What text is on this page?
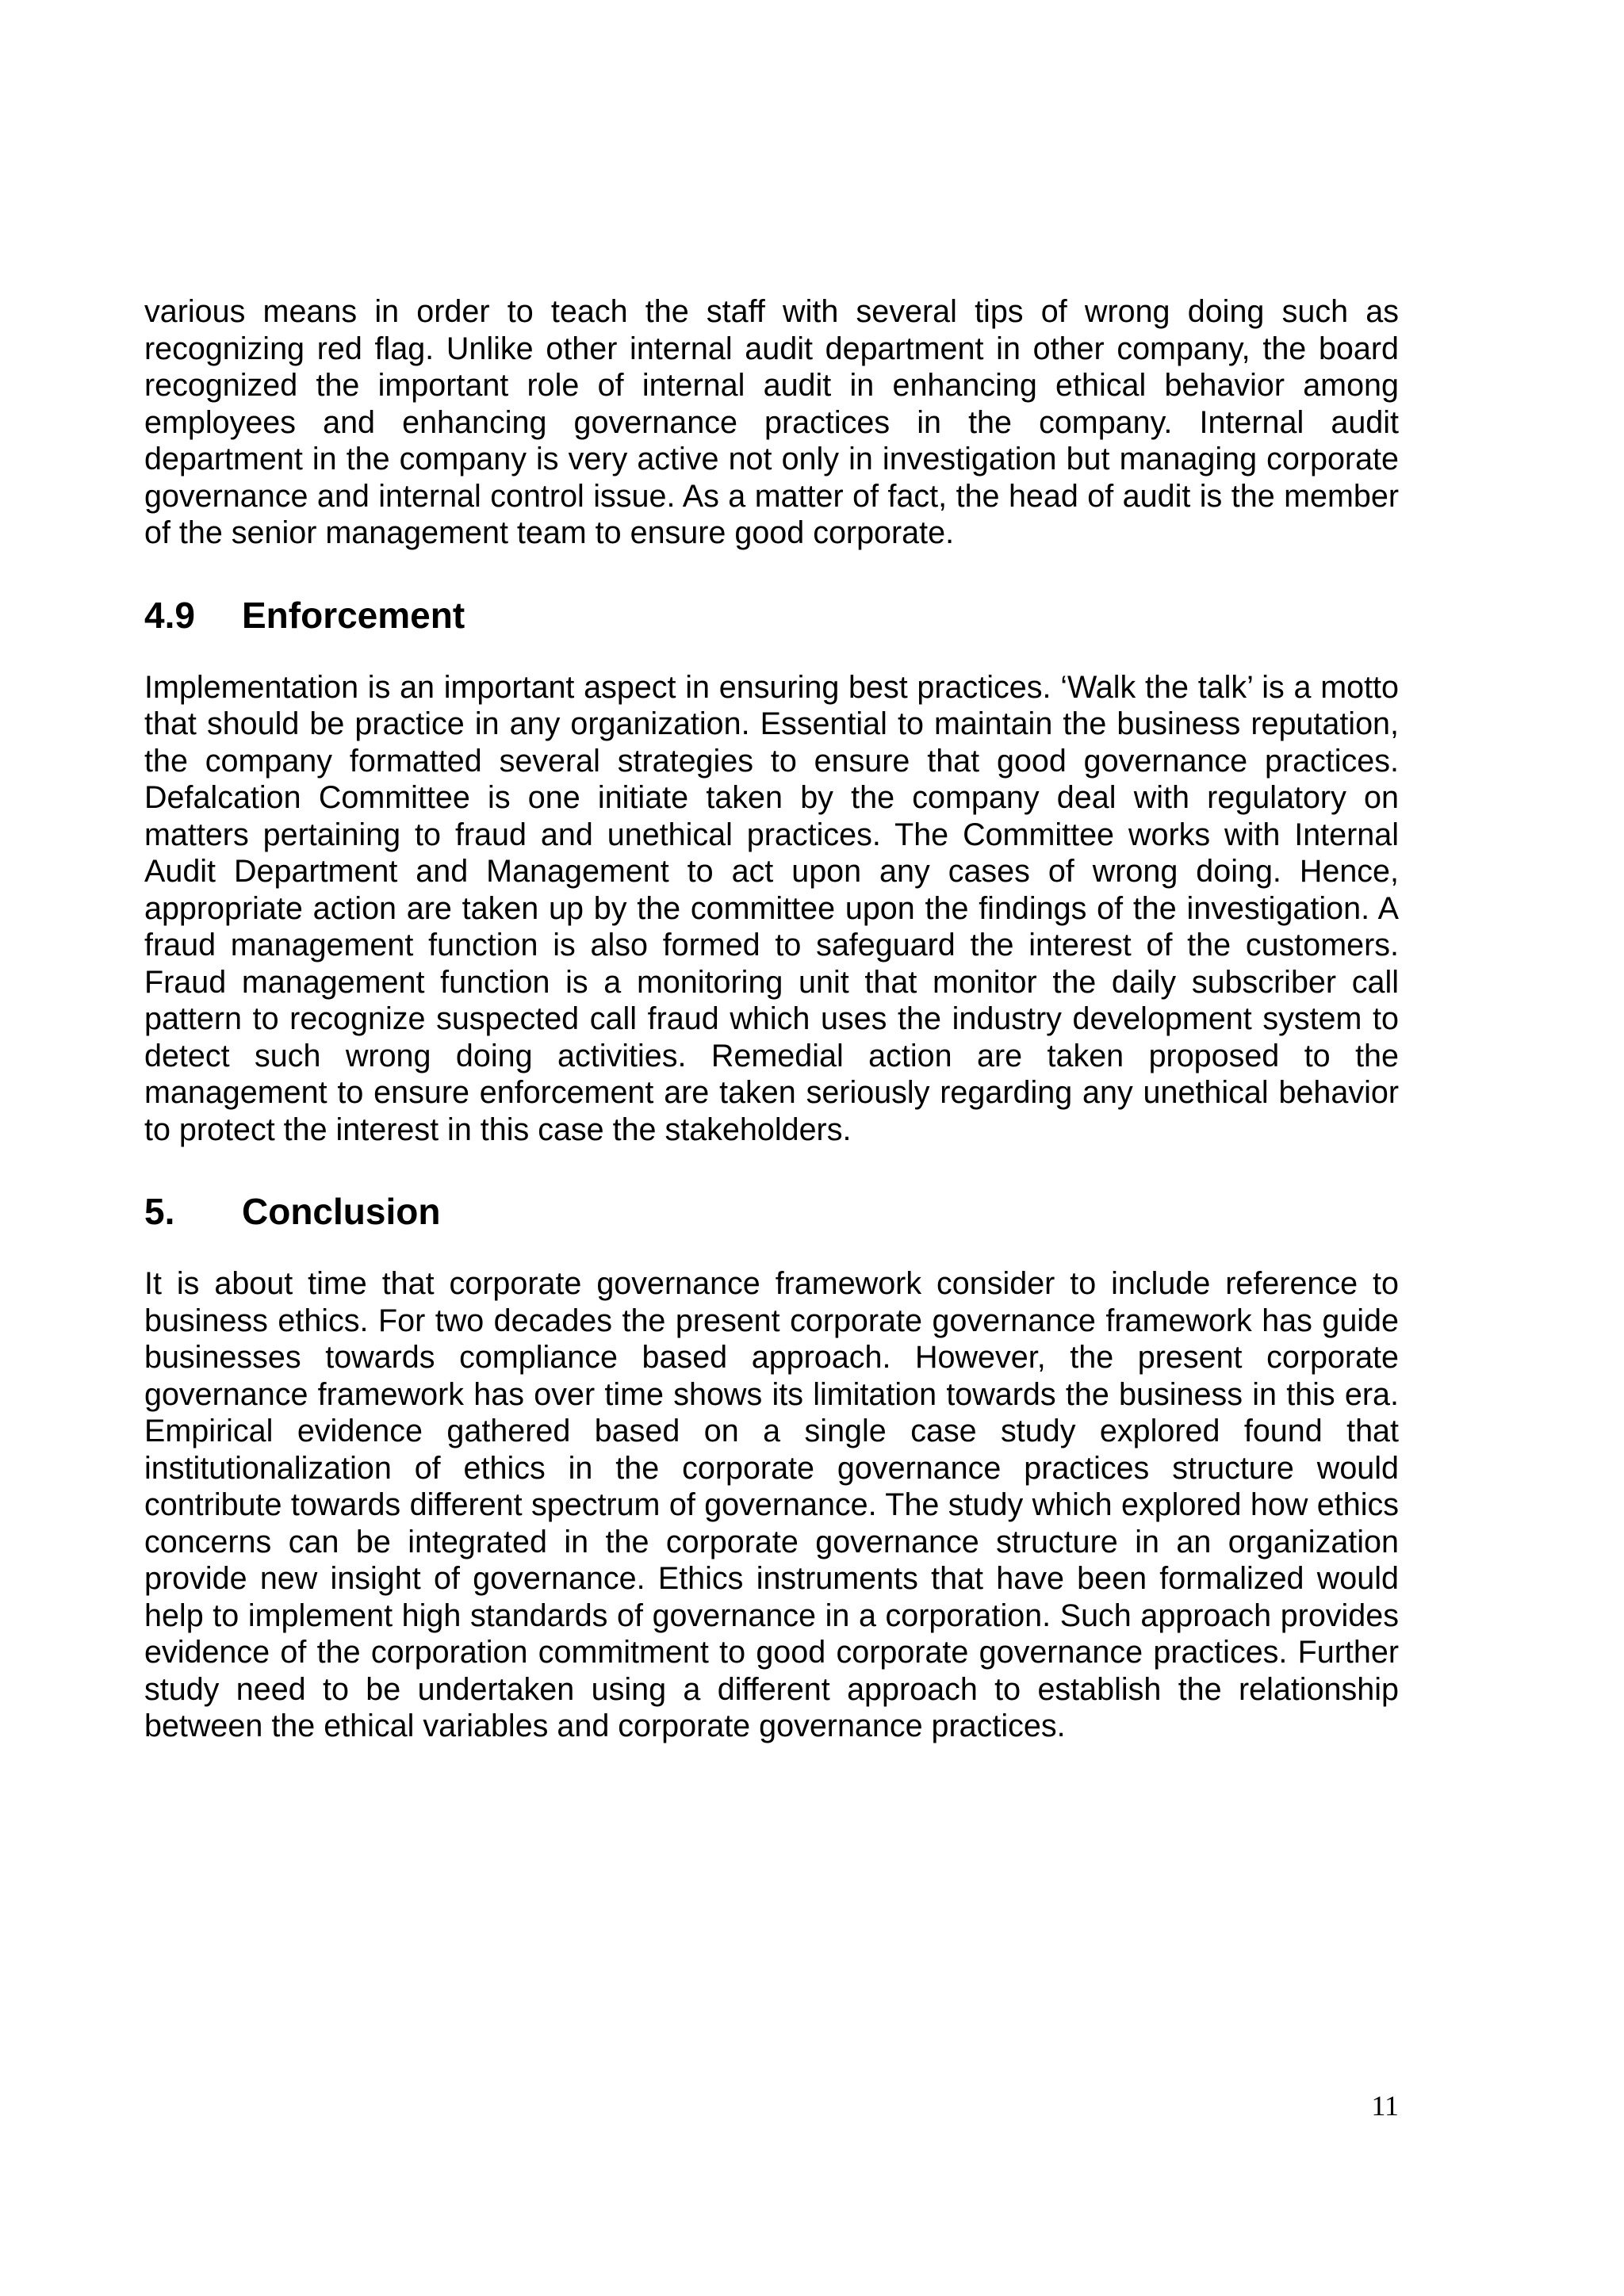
various means in order to teach the staff with several tips of wrong doing such as recognizing red flag. Unlike other internal audit department in other company, the board recognized the important role of internal audit in enhancing ethical behavior among employees and enhancing governance practices in the company. Internal audit department in the company is very active not only in investigation but managing corporate governance and internal control issue. As a matter of fact, the head of audit is the member of the senior management team to ensure good corporate.

4.9	Enforcement

Implementation is an important aspect in ensuring best practices. ‘Walk the talk’ is a motto that should be practice in any organization. Essential to maintain the business reputation, the company formatted several strategies to ensure that good governance practices. Defalcation Committee is one initiate taken by the company deal with regulatory on matters pertaining to fraud and unethical practices. The Committee works with Internal Audit Department and Management to act upon any cases of wrong doing. Hence, appropriate action are taken up by the committee upon the findings of the investigation. A fraud management function is also formed to safeguard the interest of the customers. Fraud management function is a monitoring unit that monitor the daily subscriber call pattern to recognize suspected call fraud which uses the industry development system to detect such wrong doing activities. Remedial action are taken proposed to the management to ensure enforcement are taken seriously regarding any unethical behavior to protect the interest in this case the stakeholders.

5.	Conclusion

It is about time that corporate governance framework consider to include reference to business ethics. For two decades the present corporate governance framework has guide businesses towards compliance based approach. However, the present corporate governance framework has over time shows its limitation towards the business in this era. Empirical evidence gathered based on a single case study explored found that institutionalization of ethics in the corporate governance practices structure would contribute towards different spectrum of governance. The study which explored how ethics concerns can be integrated in the corporate governance structure in an organization provide new insight of governance. Ethics instruments that have been formalized would help to implement high standards of governance in a corporation. Such approach provides evidence of the corporation commitment to good corporate governance practices. Further study need to be undertaken using a different approach to establish the relationship between the ethical variables and corporate governance practices.

11
